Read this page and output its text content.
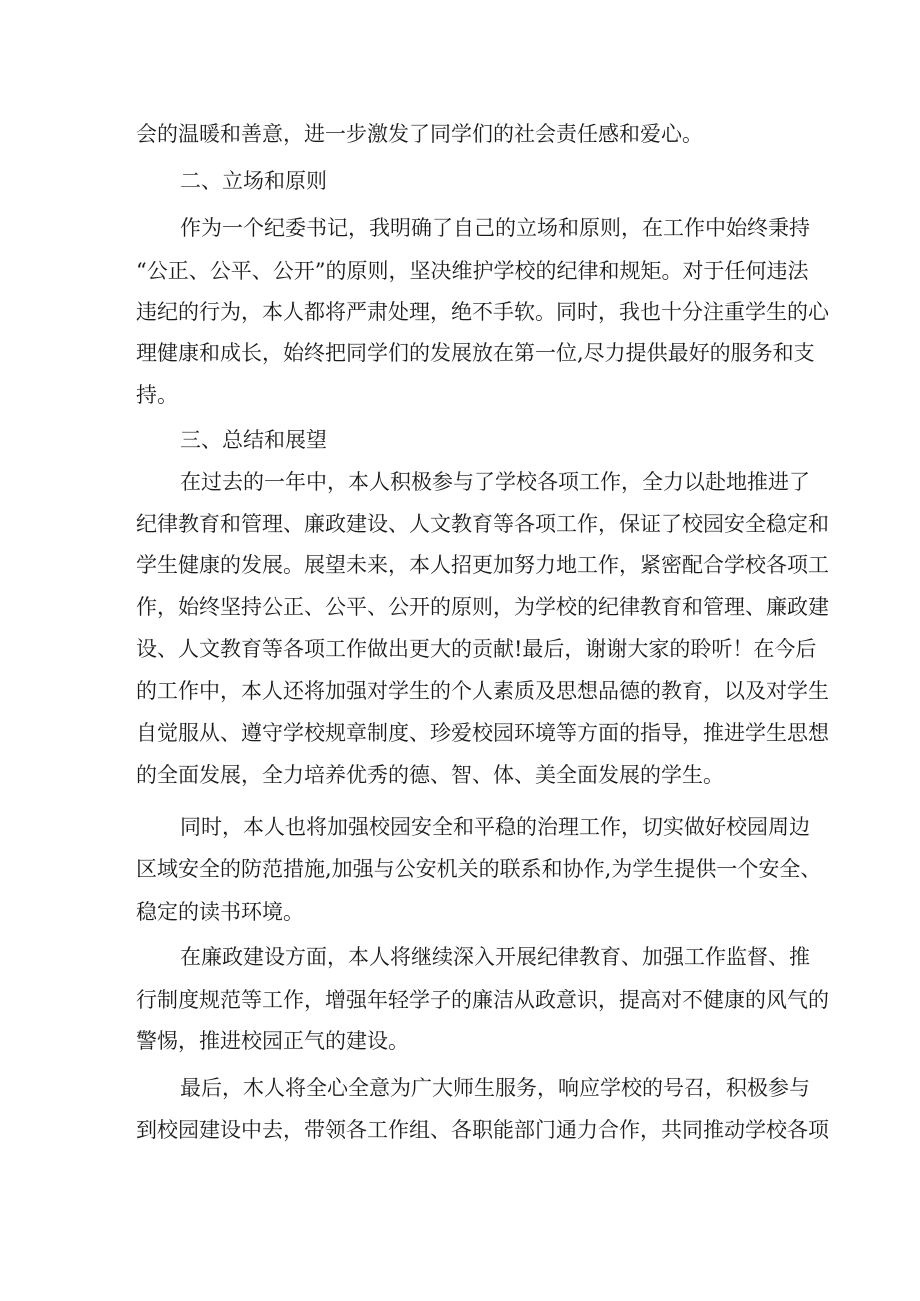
会的温暖和善意，进一步激发了同学们的社会责任感和爱心。
二、立场和原则
作为一个纪委书记，我明确了自己的立场和原则，在工作中始终秉持
“公正、公平、公开”的原则，坚决维护学校的纪律和规矩。对于任何违法
违纪的行为，本人都将严肃处理，绝不手软。同时，我也十分注重学生的心
理健康和成长，始终把同学们的发展放在第一位,尽力提供最好的服务和支
持。
三、总结和展望
在过去的一年中，本人积极参与了学校各项工作，全力以赴地推进了
纪律教育和管理、廉政建设、人文教育等各项工作，保证了校园安全稳定和
学生健康的发展。展望未来，本人招更加努力地工作，紧密配合学校各项工
作，始终坚持公正、公平、公开的原则，为学校的纪律教育和管理、廉政建
设、人文教育等各项工作做出更大的贡献!最后，谢谢大家的聆听！在今后
的工作中，本人还将加强对学生的个人素质及思想品德的教育，以及对学生
自觉服从、遵守学校规章制度、珍爱校园环境等方面的指导，推进学生思想
的全面发展，全力培养优秀的德、智、体、美全面发展的学生。
同时，本人也将加强校园安全和平稳的治理工作，切实做好校园周边
区域安全的防范措施,加强与公安机关的联系和协作,为学生提供一个安全、
稳定的读书环境。
在廉政建设方面，本人将继续深入开展纪律教育、加强工作监督、推
行制度规范等工作，增强年轻学子的廉洁从政意识，提高对不健康的风气的
警惕，推进校园正气的建设。
最后，木人将全心全意为广大师生服务，响应学校的号召，积极参与
到校园建设中去，带领各工作组、各职能部门通力合作，共同推动学校各项
